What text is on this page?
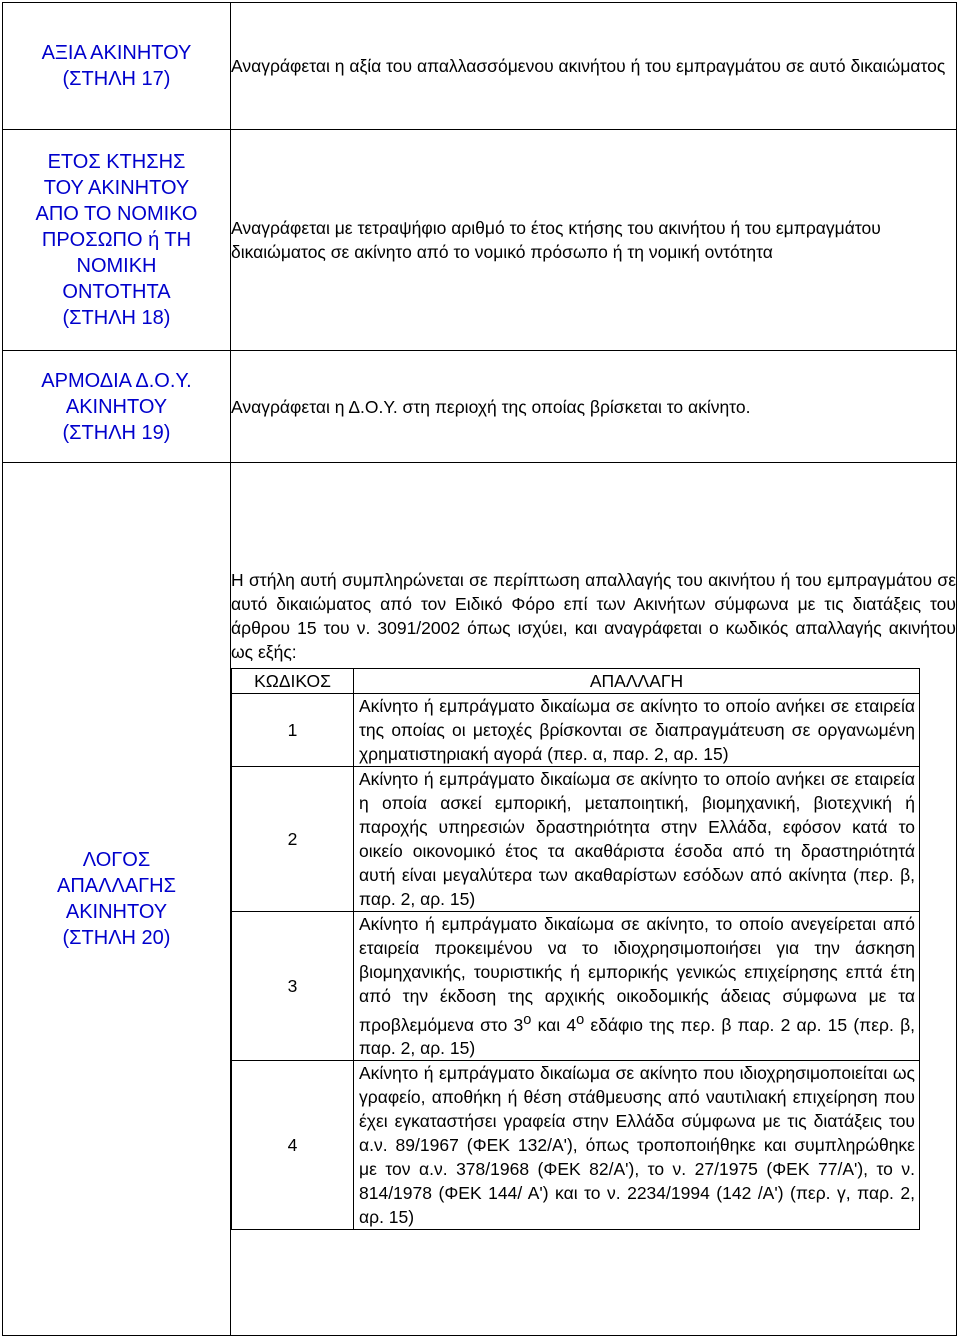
ΑΞΙΑ ΑΚΙΝΗΤΟΥ
(ΣΤΗΛΗ 17)
	Αναγράφεται η αξία του απαλλασσόμενου ακινήτου ή του εμπραγμάτου σε αυτό δικαιώματος

ΕΤΟΣ ΚΤΗΣΗΣ
ΤΟΥ ΑΚΙΝΗΤΟΥ
ΑΠΟ ΤΟ ΝΟΜΙΚΟ
ΠΡΟΣΩΠΟ ή ΤΗ
ΝΟΜΙΚΗ
ΟΝΤΟΤΗΤΑ
(ΣΤΗΛΗ 18)
	Αναγράφεται με τετραψήφιο αριθμό το έτος κτήσης του ακινήτου ή του εμπραγμάτου δικαιώματος σε ακίνητο από το νομικό πρόσωπο ή τη νομική οντότητα

ΑΡΜΟΔΙΑ Δ.Ο.Υ.
ΑΚΙΝΗΤΟΥ
(ΣΤΗΛΗ 19)
	Αναγράφεται η Δ.Ο.Υ. στη περιοχή της οποίας βρίσκεται το ακίνητο.

ΛΟΓΟΣ
ΑΠΑΛΛΑΓΗΣ
ΑΚΙΝΗΤΟΥ
(ΣΤΗΛΗ 20)

Η στήλη αυτή συμπληρώνεται σε περίπτωση απαλλαγής του ακινήτου ή του εμπραγμάτου σε αυτό δικαιώματος από τον Ειδικό Φόρο επί των Ακινήτων σύμφωνα με τις διατάξεις του άρθρου 15 του ν. 3091/2002 όπως ισχύει, και αναγράφεται ο κωδικός απαλλαγής ακινήτου ως εξής:
ΚΩΔΙΚΟΣ	ΑΠΑΛΛΑΓΗ
1	Ακίνητο ή εμπράγματο δικαίωμα σε ακίνητο το οποίο ανήκει σε εταιρεία της οποίας οι μετοχές βρίσκονται σε διαπραγμάτευση σε οργανωμένη χρηματιστηριακή αγορά (περ. α, παρ. 2, αρ. 15)
2	Ακίνητο ή εμπράγματο δικαίωμα σε ακίνητο το οποίο ανήκει σε εταιρεία η οποία ασκεί εμπορική, μεταποιητική, βιομηχανική, βιοτεχνική ή παροχής υπηρεσιών δραστηριότητα στην Ελλάδα, εφόσον κατά το οικείο οικονομικό έτος τα ακαθάριστα έσοδα από τη δραστηριότητά αυτή είναι μεγαλύτερα των ακαθαρίστων εσόδων από ακίνητα (περ. β, παρ. 2, αρ. 15)
3	Ακίνητο ή εμπράγματο δικαίωμα σε ακίνητο, το οποίο ανεγείρεται από εταιρεία προκειμένου να το ιδιοχρησιμοποιήσει για την άσκηση βιομηχανικής, τουριστικής ή εμπορικής γενικώς επιχείρησης επτά έτη από την έκδοση της αρχικής οικοδομικής άδειας σύμφωνα με τα προβλεμόμενα στο $3^o$ και $4^o$ εδάφιο της περ. β παρ. 2 αρ. 15 (περ. β, παρ. 2, αρ. 15)
4	Ακίνητο ή εμπράγματο δικαίωμα σε ακίνητο που ιδιοχρησιμοποιείται ως γραφείο, αποθήκη ή θέση στάθμευσης από ναυτιλιακή επιχείρηση που έχει εγκαταστήσει γραφεία στην Ελλάδα σύμφωνα με τις διατάξεις του α.ν. 89/1967 (ΦΕΚ 132/Α'), όπως τροποποιήθηκε και συμπληρώθηκε με τον α.ν. 378/1968 (ΦΕΚ 82/Α'), το ν. 27/1975 (ΦΕΚ 77/Α'), το ν. 814/1978 (ΦΕΚ 144/ Α') και το ν. 2234/1994 (142 /Α') (περ. γ, παρ. 2, αρ. 15)
